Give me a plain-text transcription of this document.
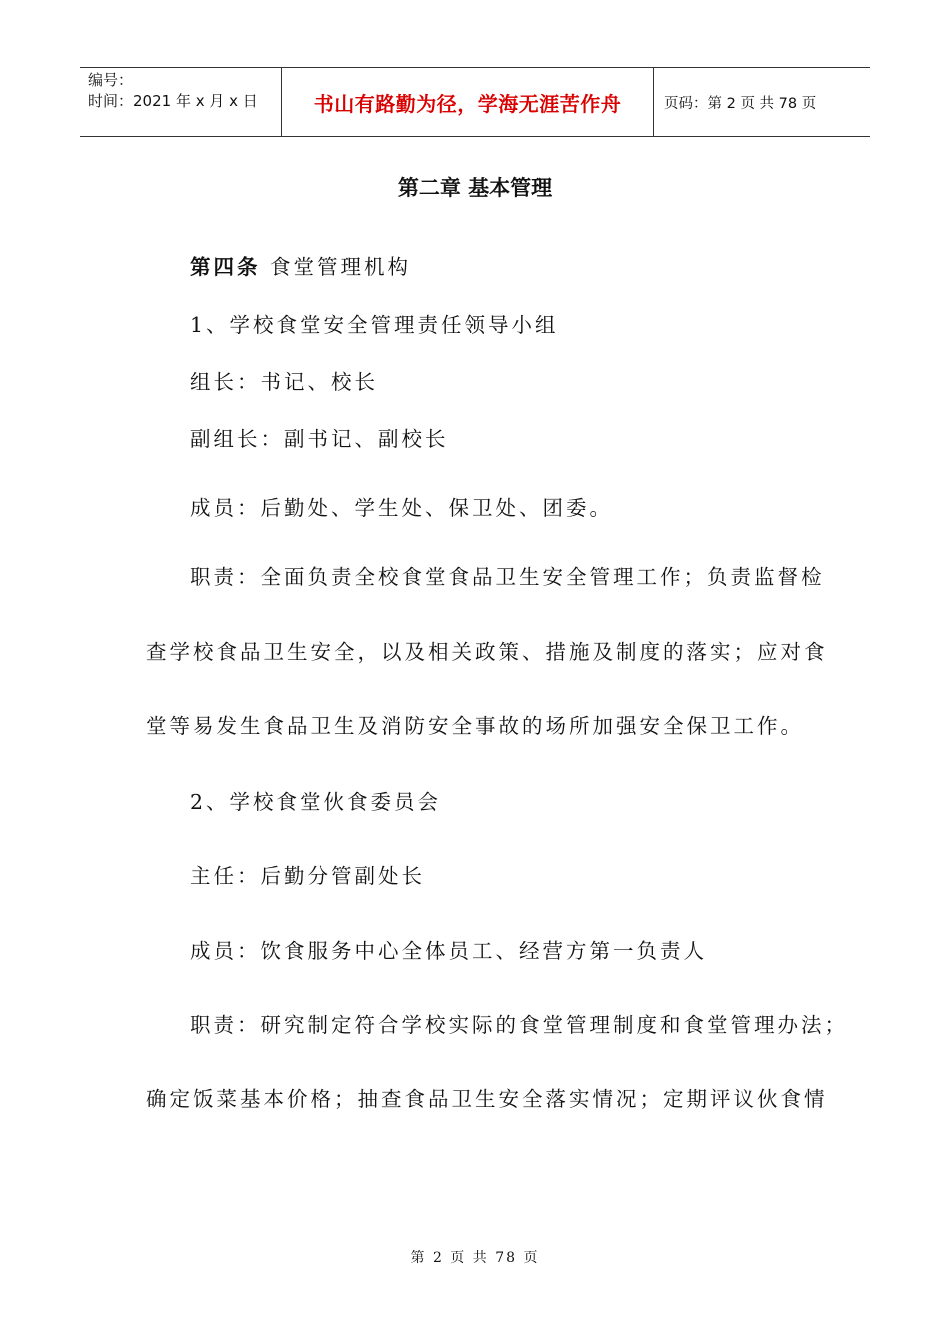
编号：
时间：2021 年 x 月 x 日	书山有路勤为径，学海无涯苦作舟	页码：第 2 页 共 78 页
第二章 基本管理
第四条 食堂管理机构
1、学校食堂安全管理责任领导小组
组长：书记、校长
副组长：副书记、副校长
成员：后勤处、学生处、保卫处、团委。
职责：全面负责全校食堂食品卫生安全管理工作；负责监督检
查学校食品卫生安全，以及相关政策、措施及制度的落实；应对食
堂等易发生食品卫生及消防安全事故的场所加强安全保卫工作。
2、学校食堂伙食委员会
主任：后勤分管副处长
成员：饮食服务中心全体员工、经营方第一负责人
职责：研究制定符合学校实际的食堂管理制度和食堂管理办法；
确定饭菜基本价格；抽查食品卫生安全落实情况；定期评议伙食情
第 2 页 共 78 页
